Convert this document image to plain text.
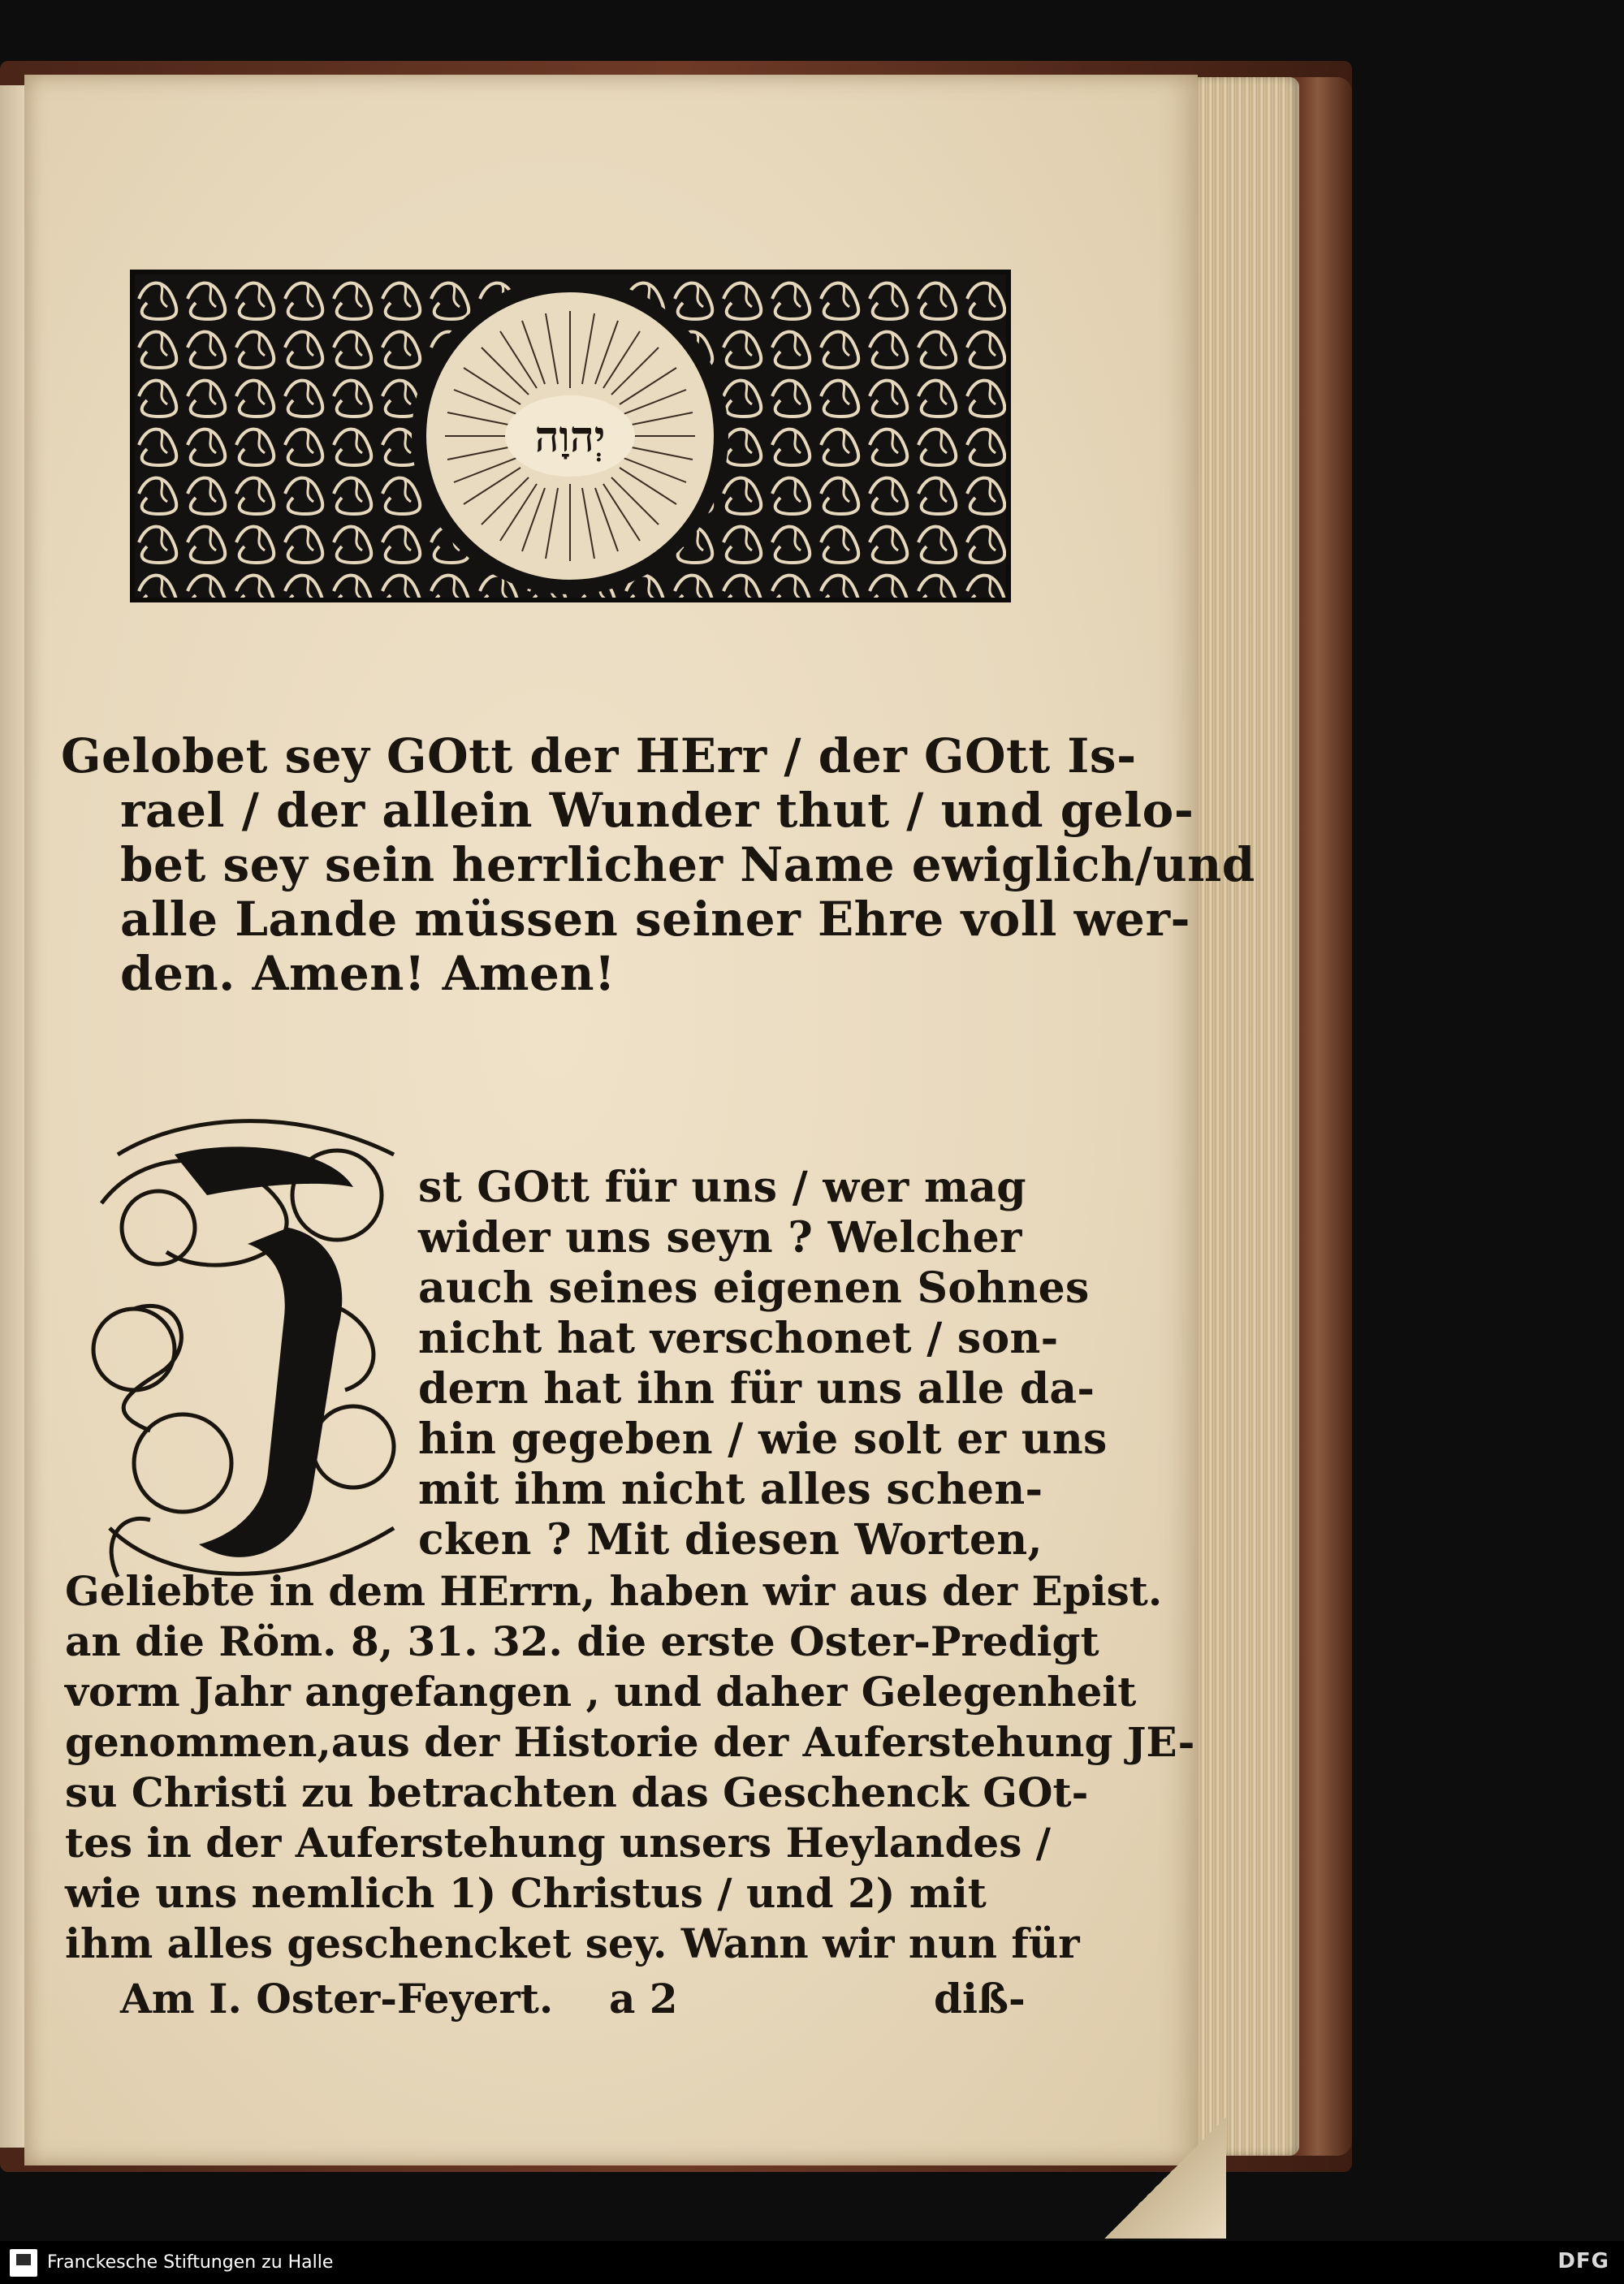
יְהוָה
Gelobet sey GOtt der HErr / der GOtt Is-
rael / der allein Wunder thut / und gelo-
bet sey sein herrlicher Name ewiglich/und
alle Lande müssen seiner Ehre voll wer-
den. Amen! Amen!
J
st GOtt für uns / wer mag
wider uns seyn ? Welcher
auch seines eigenen Sohnes
nicht hat verschonet / son-
dern hat ihn für uns alle da-
hin gegeben / wie solt er uns
mit ihm nicht alles schen-
cken ? Mit diesen Worten,
Geliebte in dem HErrn, haben wir aus der Epist.
an die Röm. 8, 31. 32. die erste Oster-Predigt
vorm Jahr angefangen , und daher Gelegenheit
genommen,aus der Historie der Auferstehung JE-
su Christi zu betrachten das Geschenck GOt-
tes in der Auferstehung unsers Heylandes /
wie uns nemlich 1) Christus / und 2) mit
ihm alles geschencket sey. Wann wir nun für
Am I. Oster-Feyert. a 2	diß-
Franckesche Stiftungen zu Halle	DFG
